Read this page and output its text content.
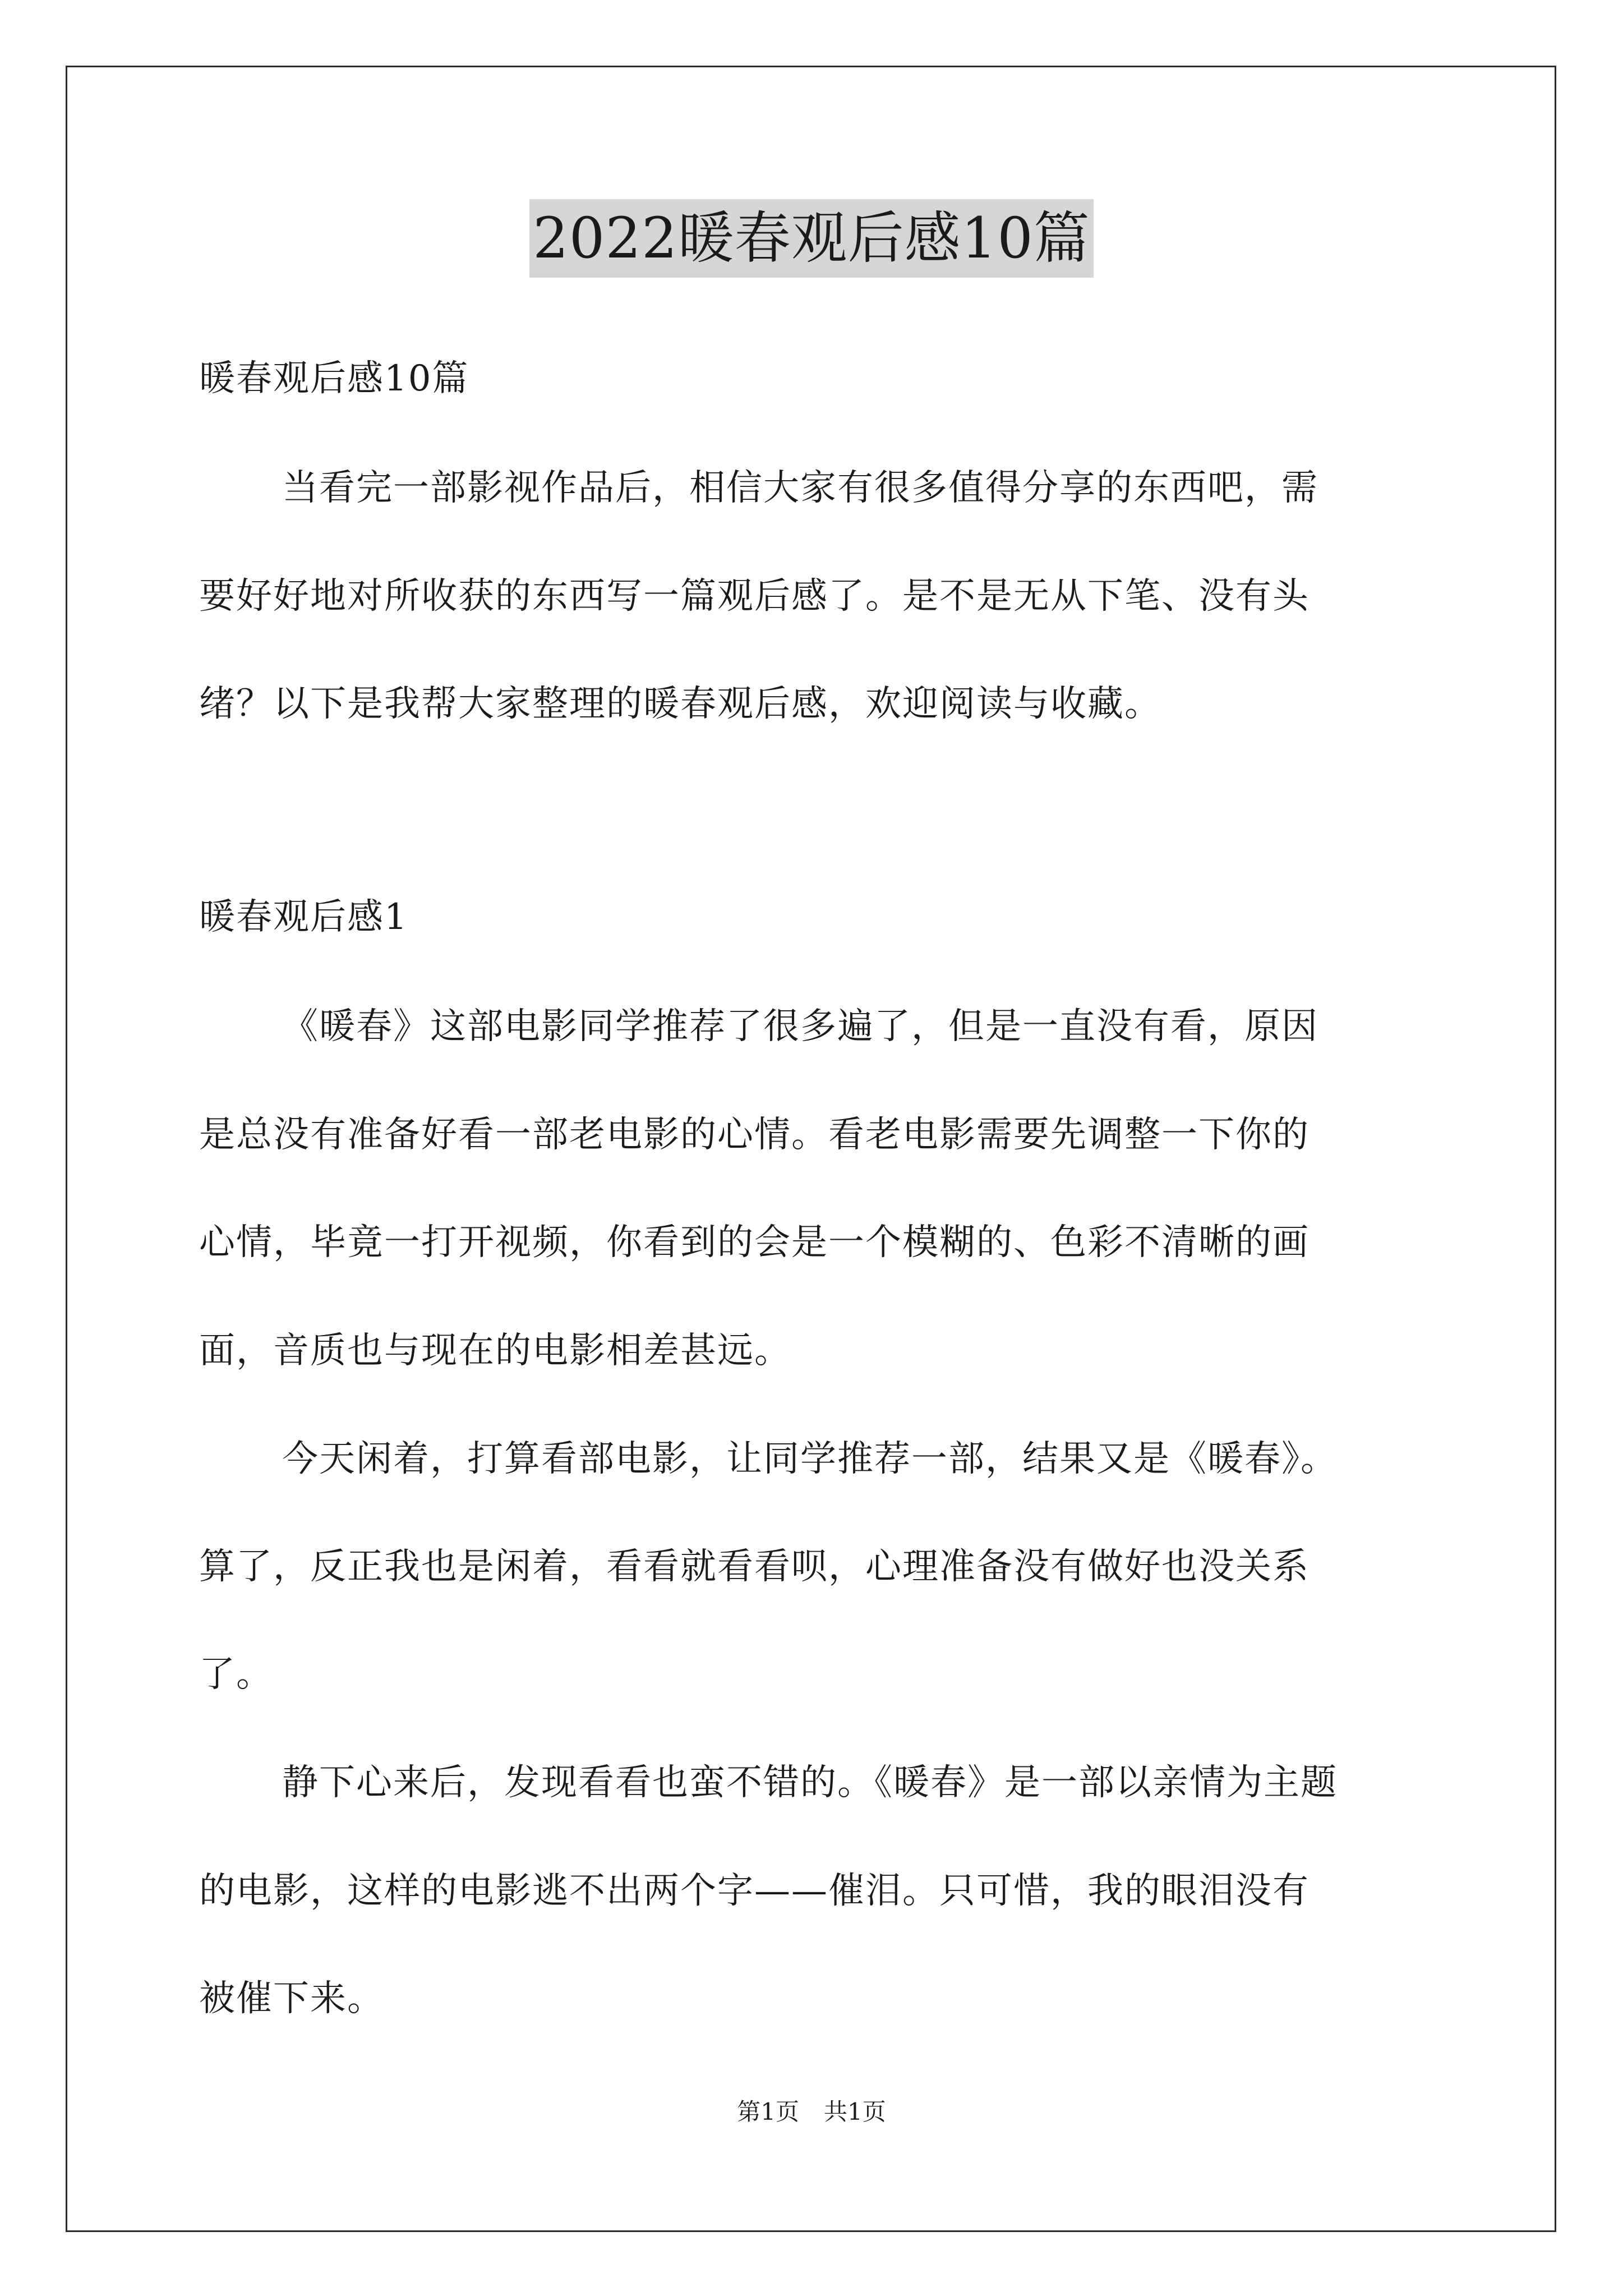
2022暖春观后感10篇
暖春观后感10篇
当看完一部影视作品后，相信大家有很多值得分享的东西吧，需
要好好地对所收获的东西写一篇观后感了。是不是无从下笔、没有头
绪？以下是我帮大家整理的暖春观后感，欢迎阅读与收藏。
暖春观后感1
《暖春》这部电影同学推荐了很多遍了，但是一直没有看，原因
是总没有准备好看一部老电影的心情。看老电影需要先调整一下你的
心情，毕竟一打开视频，你看到的会是一个模糊的、色彩不清晰的画
面，音质也与现在的电影相差甚远。
今天闲着，打算看部电影，让同学推荐一部，结果又是《暖春》。
算了，反正我也是闲着，看看就看看呗，心理准备没有做好也没关系
了。
静下心来后，发现看看也蛮不错的。《暖春》是一部以亲情为主题
的电影，这样的电影逃不出两个字——催泪。只可惜，我的眼泪没有
被催下来。
第1页 共1页
